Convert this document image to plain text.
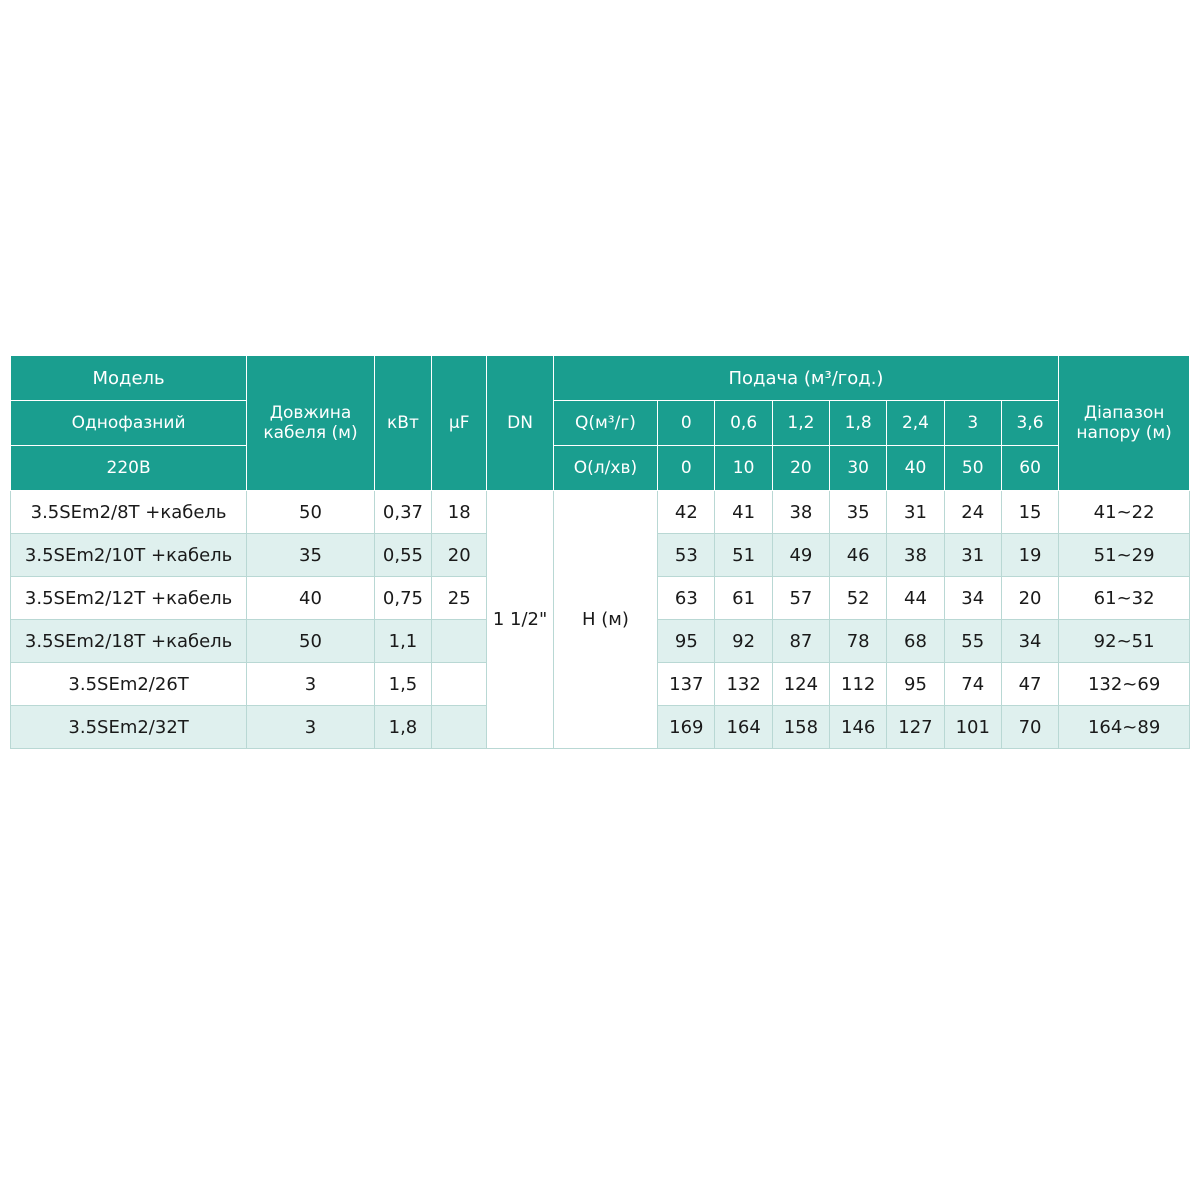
Модель	Довжина кабеля (м)	кВт	µF	DN	Подача (м³/год.)								Діапазон напору (м)
Однофазний					Q(м³/г)	0	0,6	1,2	1,8	2,4	3	3,6	
220В					O(л/хв)	0	10	20	30	40	50	60	
3.5SEm2/8T +кабель	50	0,37	18	1 1/2"	H (м)	42	41	38	35	31	24	15	41~22
3.5SEm2/10T +кабель	35	0,55	20			53	51	49	46	38	31	19	51~29
3.5SEm2/12T +кабель	40	0,75	25			63	61	57	52	44	34	20	61~32
3.5SEm2/18T +кабель	50	1,1				95	92	87	78	68	55	34	92~51
3.5SEm2/26T	3	1,5				137	132	124	112	95	74	47	132~69
3.5SEm2/32T	3	1,8				169	164	158	146	127	101	70	164~89
